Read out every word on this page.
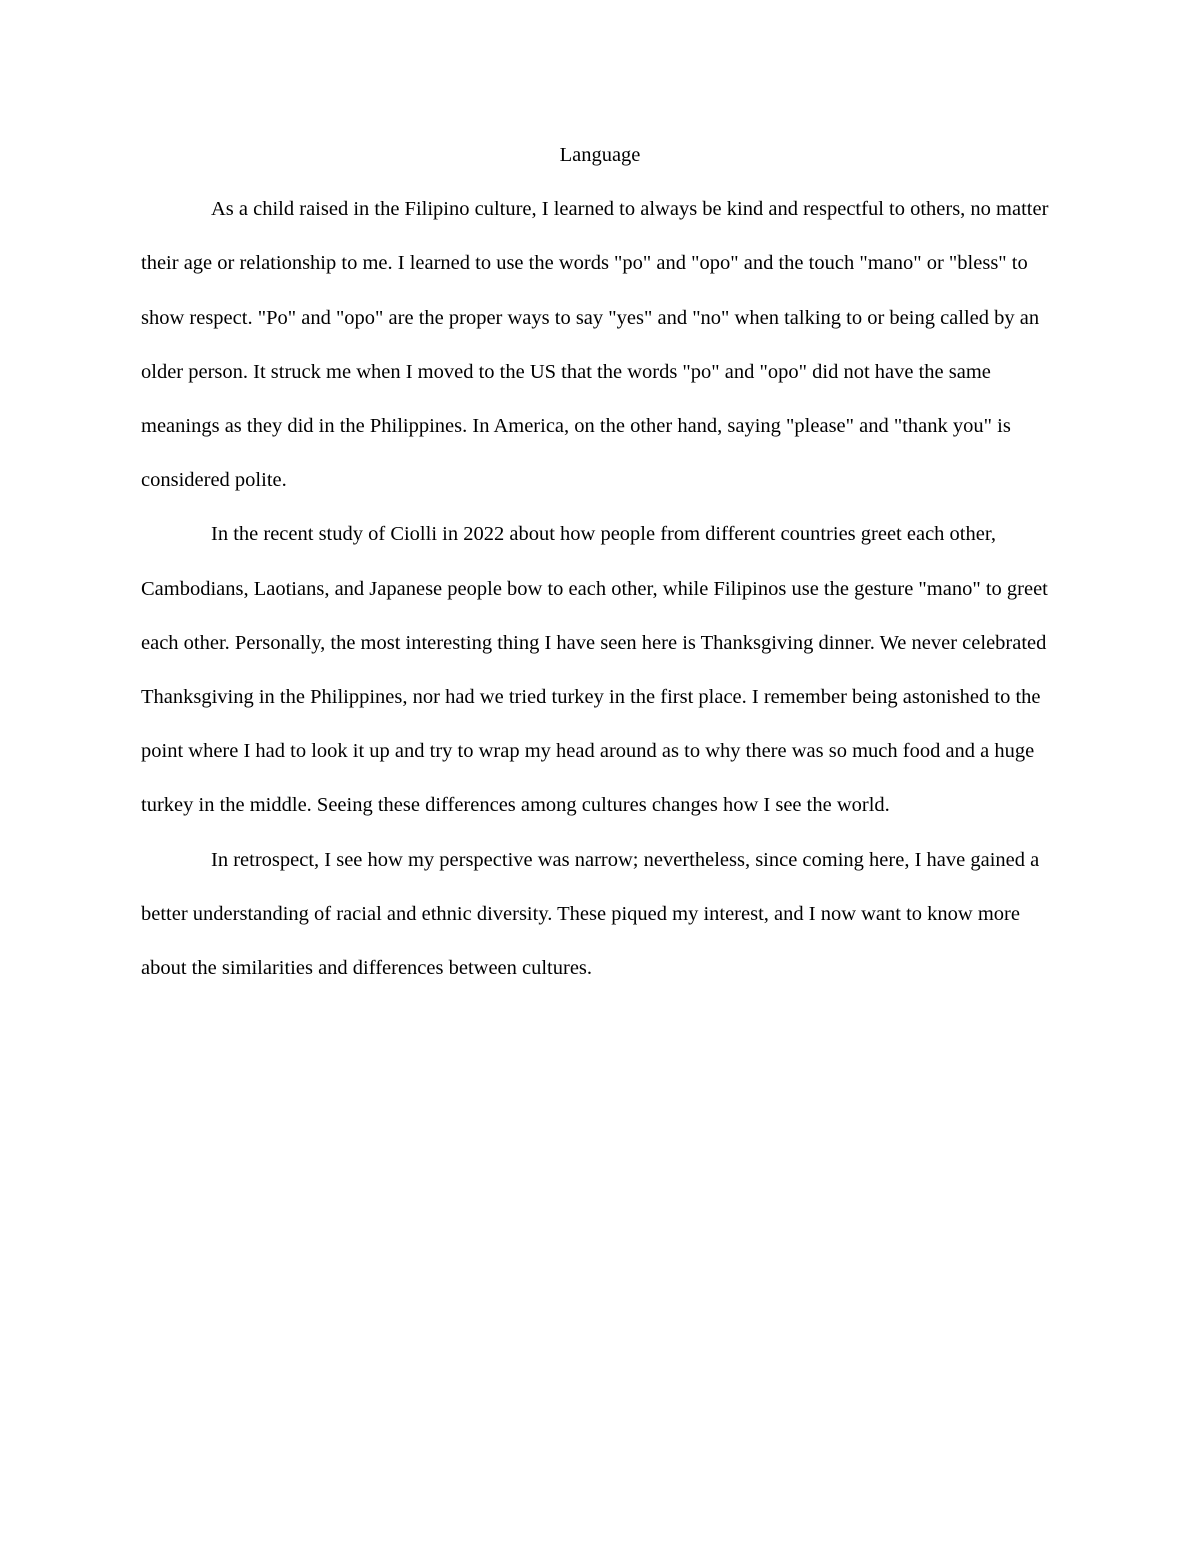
Language

As a child raised in the Filipino culture, I learned to always be kind and respectful to others, no matter their age or relationship to me. I learned to use the words "po" and "opo" and the touch "mano" or "bless" to show respect. "Po" and "opo" are the proper ways to say "yes" and "no" when talking to or being called by an older person. It struck me when I moved to the US that the words "po" and "opo" did not have the same meanings as they did in the Philippines. In America, on the other hand, saying "please" and "thank you" is considered polite.

In the recent study of Ciolli in 2022 about how people from different countries greet each other, Cambodians, Laotians, and Japanese people bow to each other, while Filipinos use the gesture "mano" to greet each other. Personally, the most interesting thing I have seen here is Thanksgiving dinner. We never celebrated Thanksgiving in the Philippines, nor had we tried turkey in the first place. I remember being astonished to the point where I had to look it up and try to wrap my head around as to why there was so much food and a huge turkey in the middle. Seeing these differences among cultures changes how I see the world.

In retrospect, I see how my perspective was narrow; nevertheless, since coming here, I have gained a better understanding of racial and ethnic diversity. These piqued my interest, and I now want to know more about the similarities and differences between cultures.
